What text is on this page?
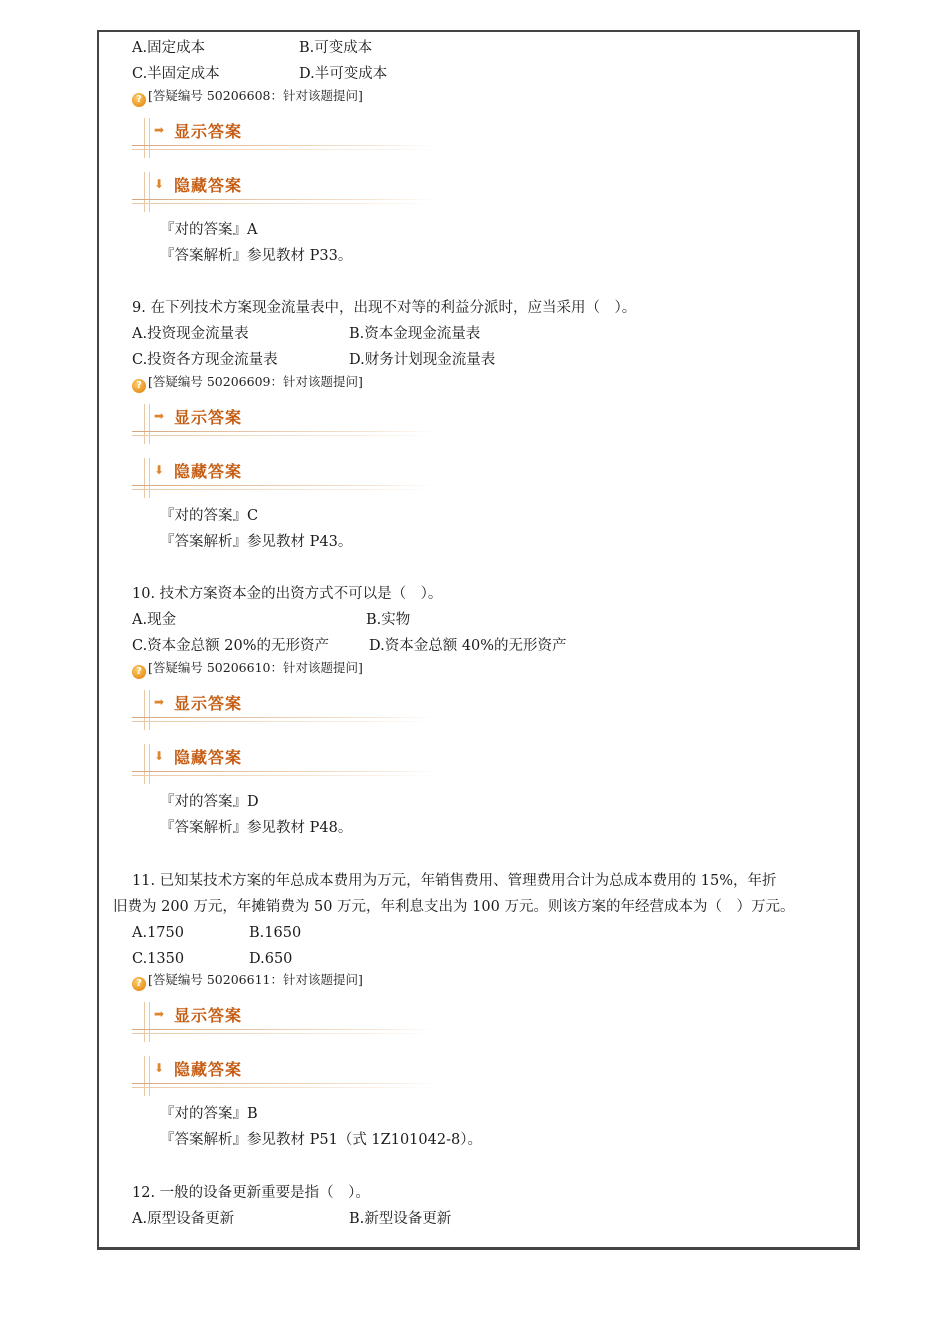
A.固定成本	B.可变成本
C.半固定成本	D.半可变成本
? [答疑编号 50206608：针对该题提问]
➡ 显示答案
⬇ 隐藏答案
『对的答案』A
『答案解析』参见教材 P33。
9. 在下列技术方案现金流量表中，出现不对等的利益分派时，应当采用（　）。
A.投资现金流量表	B.资本金现金流量表
C.投资各方现金流量表	D.财务计划现金流量表
? [答疑编号 50206609：针对该题提问]
➡ 显示答案
⬇ 隐藏答案
『对的答案』C
『答案解析』参见教材 P43。
10. 技术方案资本金的出资方式不可以是（　）。
A.现金	B.实物
C.资本金总额 20%的无形资产	D.资本金总额 40%的无形资产
? [答疑编号 50206610：针对该题提问]
➡ 显示答案
⬇ 隐藏答案
『对的答案』D
『答案解析』参见教材 P48。
11. 已知某技术方案的年总成本费用为万元，年销售费用、管理费用合计为总成本费用的 15%，年折
旧费为 200 万元，年摊销费为 50 万元，年利息支出为 100 万元。则该方案的年经营成本为（　）万元。
A.1750	B.1650
C.1350	D.650
? [答疑编号 50206611：针对该题提问]
➡ 显示答案
⬇ 隐藏答案
『对的答案』B
『答案解析』参见教材 P51（式 1Z101042-8）。
12. 一般的设备更新重要是指（　）。
A.原型设备更新	B.新型设备更新
